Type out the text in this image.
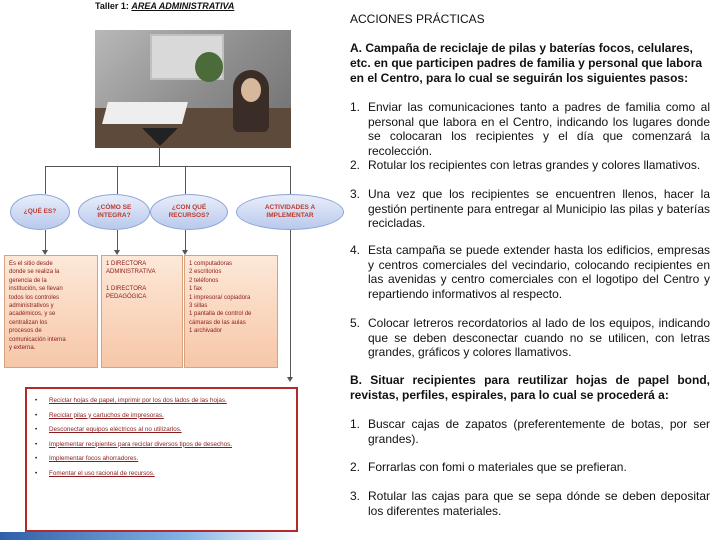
Taller 1: AREA ADMINISTRATIVA
¿QUÉ ES?
¿CÓMO SE INTEGRA?
¿CON QUÉ RECURSOS?
ACTIVIDADES A IMPLEMENTAR
Es el sitio desde
donde se realiza la
gerencia de la
institución, se llevan
todos los controles
administrativos y
académicos, y se
centralizan los
procesos de
comunicación interna
y externa.
1 DIRECTORA
ADMINISTRATIVA
1 DIRECTORA
PEDAGÓGICA
1 computadoras
2 escritorios
2 teléfonos
1 fax
1 impresora/ copiadora
3 sillas
1 pantalla de control de
cámaras de las aulas
1 archivador
•	Reciclar hojas de papel, imprimir por los dos lados de las hojas.
•	Reciclar pilas y cartuchos de impresoras.
•	Desconectar equipos eléctricos al no utilizarlos.
•	Implementar recipientes para reciclar diversos tipos de desechos.
•	Implementar focos ahorradores.
•	Fomentar el uso racional de recursos.
ACCIONES PRÁCTICAS
A. Campaña de reciclaje de pilas y baterías focos, celulares, etc. en que participen padres de familia y personal que labora en el Centro, para lo cual se seguirán los siguientes pasos:
1. Enviar las comunicaciones tanto a padres de familia como al personal que labora en el Centro, indicando los lugares donde se colocaran los recipientes y el día que comenzará la recolección.
2. Rotular los recipientes con letras grandes y colores llamativos.
3. Una vez que los recipientes se encuentren llenos, hacer la gestión pertinente para entregar al Municipio las pilas y baterías recicladas.
4. Esta campaña se puede extender hasta los edificios, empresas y centros comerciales del vecindario, colocando recipientes en las avenidas y centro comerciales con el logotipo del Centro y repartiendo informativos al respecto.
5. Colocar letreros recordatorios al lado de los equipos, indicando que se deben desconectar cuando no se utilicen, con letras grandes, gráficos y colores llamativos.
B. Situar recipientes para reutilizar hojas de papel bond, revistas, perfiles, espirales, para lo cual se procederá a:
1. Buscar cajas de zapatos (preferentemente de botas, por ser grandes).
2. Forrarlas con fomi o materiales que se prefieran.
3. Rotular las cajas para que se sepa dónde se deben depositar los diferentes materiales.
